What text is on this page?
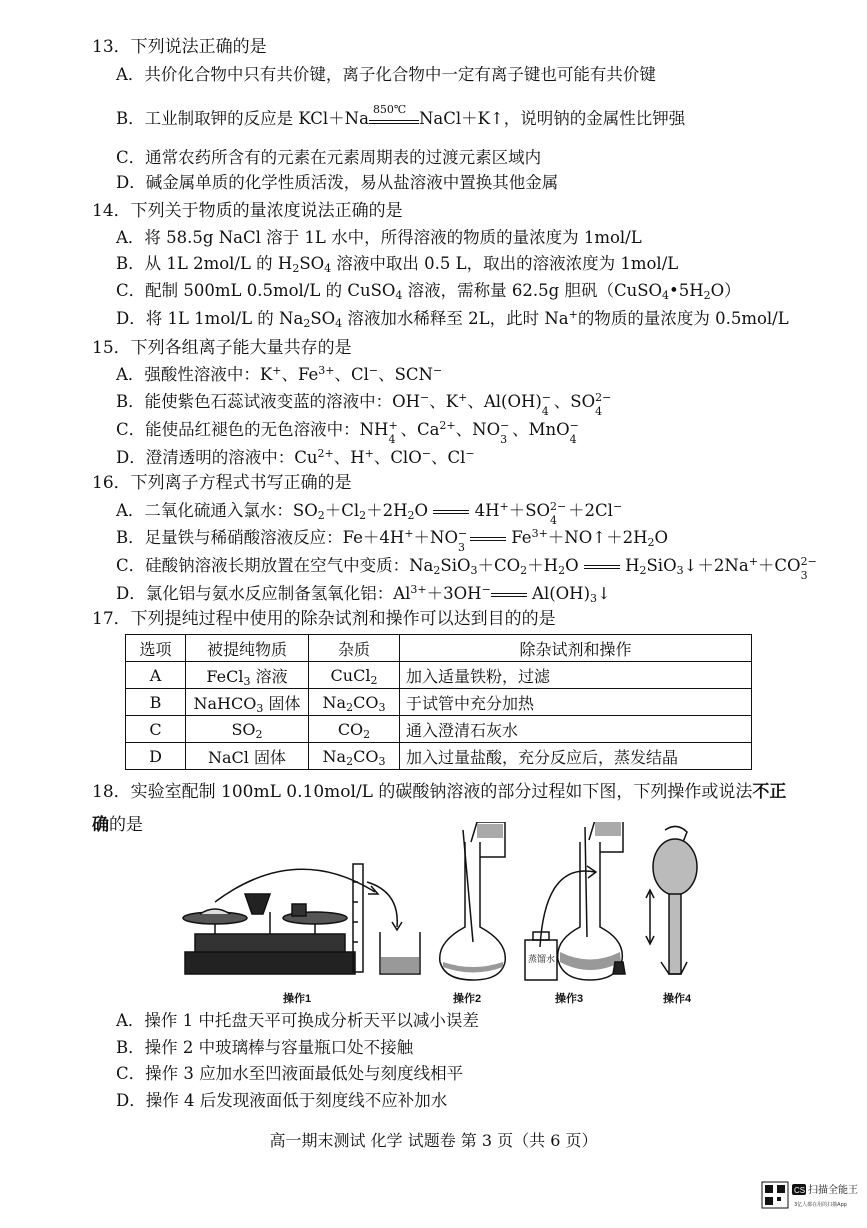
13．下列说法正确的是
A．共价化合物中只有共价键，离子化合物中一定有离子键也可能有共价键
B．工业制取钾的反应是 KCl＋Na 850℃ NaCl＋K↑，说明钠的金属性比钾强
C．通常农药所含有的元素在元素周期表的过渡元素区域内
D．碱金属单质的化学性质活泼，易从盐溶液中置换其他金属
14．下列关于物质的量浓度说法正确的是
A．将 58.5g NaCl 溶于 1L 水中，所得溶液的物质的量浓度为 1mol/L
B．从 1L 2mol/L 的 $H_2SO_4$ 溶液中取出 0.5 L，取出的溶液浓度为 1mol/L
C．配制 500mL 0.5mol/L 的 CuSO$_4$ 溶液，需称量 62.5g 胆矾$(CuSO_4•5H_2O)$
D．将 1L 1mol/L 的 $Na_2SO_4$ 溶液加水稀释至 2L，此时 Na+的物质的量浓度为 0.5mol/L
15．下列各组离子能大量共存的是
A．强酸性溶液中：K+、$Fe^{3+}$、Cl−、SCN−
B．能使紫色石蕊试液变蓝的溶液中：OH−、K+、Al(OH) −
4
、SO 2−
4
C．能使品红褪色的无色溶液中：NH +
4
、$Ca^{2+}$、NO −
3
、MnO −
4
D．澄清透明的溶液中：$Cu^{2+}$、H+、ClO−、Cl−
16．下列离子方程式书写正确的是
A．二氧化硫通入氯水：$SO_2+Cl_2+2H_2O$
4H+＋SO 2−
4
＋2Cl−
B．足量铁与稀硝酸溶液反应：Fe＋4H+＋NO −
3
$Fe^{3+}+NO↑+2H_2O$
C．硅酸钠溶液长期放置在空气中变质：$Na_2SiO_3+CO_2+H_2O$
$H_2SiO_3↓+2Na^++CO$ 2−
3
D．氯化铝与氨水反应制备氢氧化铝：$Al^{3+}+3OH^-$
$Al(OH)_3↓$
17．下列提纯过程中使用的除杂试剂和操作可以达到目的的是
选项	被提纯物质	杂质	除杂试剂和操作
A	FeCl$_3$ 溶液	CuCl$_2$	加入适量铁粉，过滤
B	NaHCO$_3$ 固体	$Na_2CO_3$	于试管中充分加热
C	$SO_2$	$CO_2$	通入澄清石灰水
D	NaCl 固体	$Na_2CO_3$	加入过量盐酸，充分反应后，蒸发结晶
18．实验室配制 100mL 0.10mol/L 的碳酸钠溶液的部分过程如下图，下列操作或说法不正
确的是
蒸馏水
操作1	操作2	操作3	操作4
A．操作 1 中托盘天平可换成分析天平以减小误差
B．操作 2 中玻璃棒与容量瓶口处不接触
C．操作 3 应加水至凹液面最低处与刻度线相平
D．操作 4 后发现液面低于刻度线不应补加水
高一期末测试 化学 试题卷 第 3 页（共 6 页）
CS 扫描全能王
3亿人都在用的扫描App
